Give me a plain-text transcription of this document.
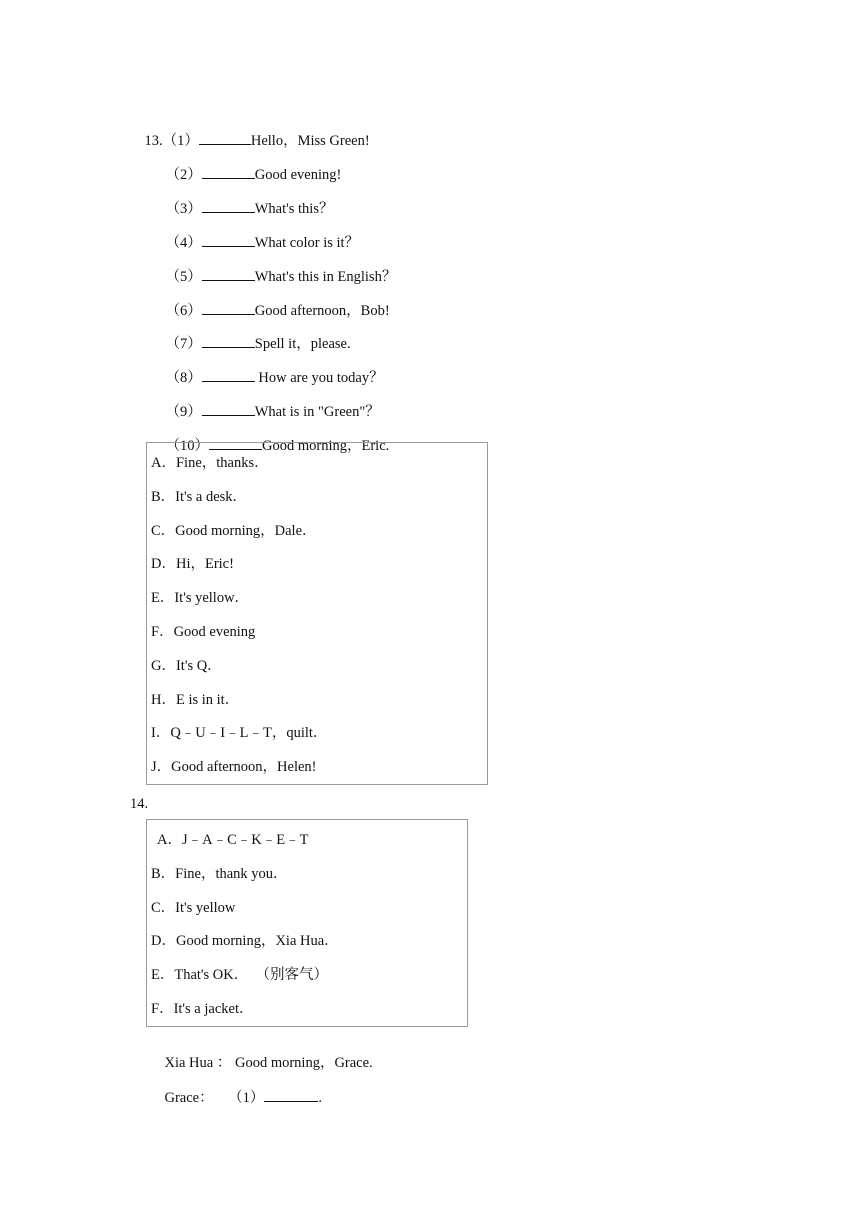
13.（1）	Hello，Miss Green!

（2）	Good evening!

（3）	What's this？

（4）	What color is it？

（5）	What's this in English？

（6）	Good afternoon，Bob!

（7）	Spell it，please.

（8）	How are you today？

（9）	What is in "Green"？

（10）	Good morning，Eric.

A．Fine，thanks．
B．It's a desk．
C．Good morning，Dale．
D．Hi，Eric!
E．It's yellow．
F．Good evening
G．It's Q．
H．E is in it．
I．Q﹣U﹣I﹣L﹣T，quilt．
J．Good afternoon，Helen!
14.
A．J﹣A﹣C﹣K﹣E﹣T
B．Fine，thank you．
C．It's yellow
D．Good morning，Xia Hua．
E．That's OK．  （别客气）
F．It's a jacket．

Xia Hua ： Good morning，Grace.

Grace： （1）	.
